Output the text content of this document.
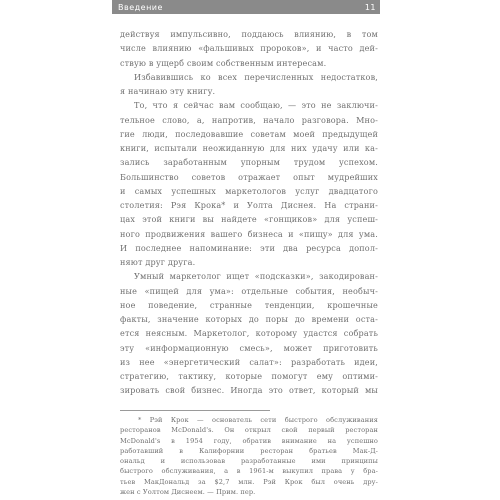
Введение	11

действуя импульсивно, поддаюсь влиянию, в том

числе влиянию «фальшивых пророков», и часто дей-

ствую в ущерб своим собственным интересам.

Избавившись ко всех перечисленных недостатков,

я начинаю эту книгу.

То, что я сейчас вам сообщаю, — это не заключи-

тельное слово, а, напротив, начало разговора. Мно-

гие люди, последовавшие советам моей предыдущей

книги, испытали неожиданную для них удачу или ка-

зались заработанным упорным трудом успехом.

Большинство советов отражает опыт мудрейших

и самых успешных маркетологов услуг двадцатого

столетия: Рэя Крока* и Уолта Диснея. На страни-

цах этой книги вы найдете «гонщиков» для успеш-

ного продвижения вашего бизнеса и «пищу» для ума.

И последнее напоминание: эти два ресурса допол-

няют друг друга.

Умный маркетолог ищет «подсказки», закодирован-

ные «пищей для ума»: отдельные события, необыч-

ное поведение, странные тенденции, крошечные

факты, значение которых до поры до времени оста-

ется неясным. Маркетолог, которому удастся собрать

эту «информационную смесь», может приготовить

из нее «энергетический салат»: разработать идеи,

стратегию, тактику, которые помогут ему оптими-

зировать свой бизнес. Иногда это ответ, который мы

* Рэй Крок — основатель сети быстрого обслуживания

ресторанов McDonald's. Он открыл свой первый ресторан

McDonald's в 1954 году, обратив внимание на успешно

работавший в Калифорнии ресторан братьев Мак-Д-

ональд и использовав разработанные ими принципы

быстрого обслуживания, а в 1961-м выкупил права у бра-

тьев МакДональд за $2,7 млн. Рэй Крок был очень дру-

жен с Уолтом Диснеем. — Прим. пер.
